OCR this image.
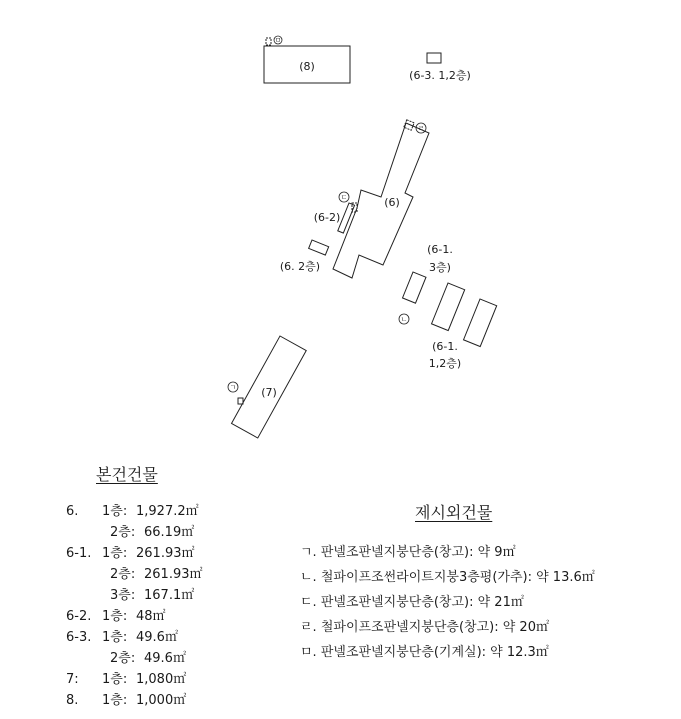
ㅁ
ㄹ
ㄷ
ㄴ
ㄱ
(8)
(6)
(7)
(6-1.
3층)
(6-1.
1,2층)
(6-2)
(6. 2층)
(6-3. 1,2층)
본건건물
6. 1층: 1,927.2㎡
2층: 66.19㎡
6-1. 1층: 261.93㎡
2층: 261.93㎡
3층: 167.1㎡
6-2. 1층: 48㎡
6-3. 1층: 49.6㎡
2층: 49.6㎡
7: 1층: 1,080㎡
8. 1층: 1,000㎡
제시외건물
ㄱ. 판넬조판넬지붕단층(창고): 약 9㎡
ㄴ. 철파이프조썬라이트지붕3층평(가추): 약 13.6㎡
ㄷ. 판넬조판넬지붕단층(창고): 약 21㎡
ㄹ. 철파이프조판넬지붕단층(창고): 약 20㎡
ㅁ. 판넬조판넬지붕단층(기계실): 약 12.3㎡
